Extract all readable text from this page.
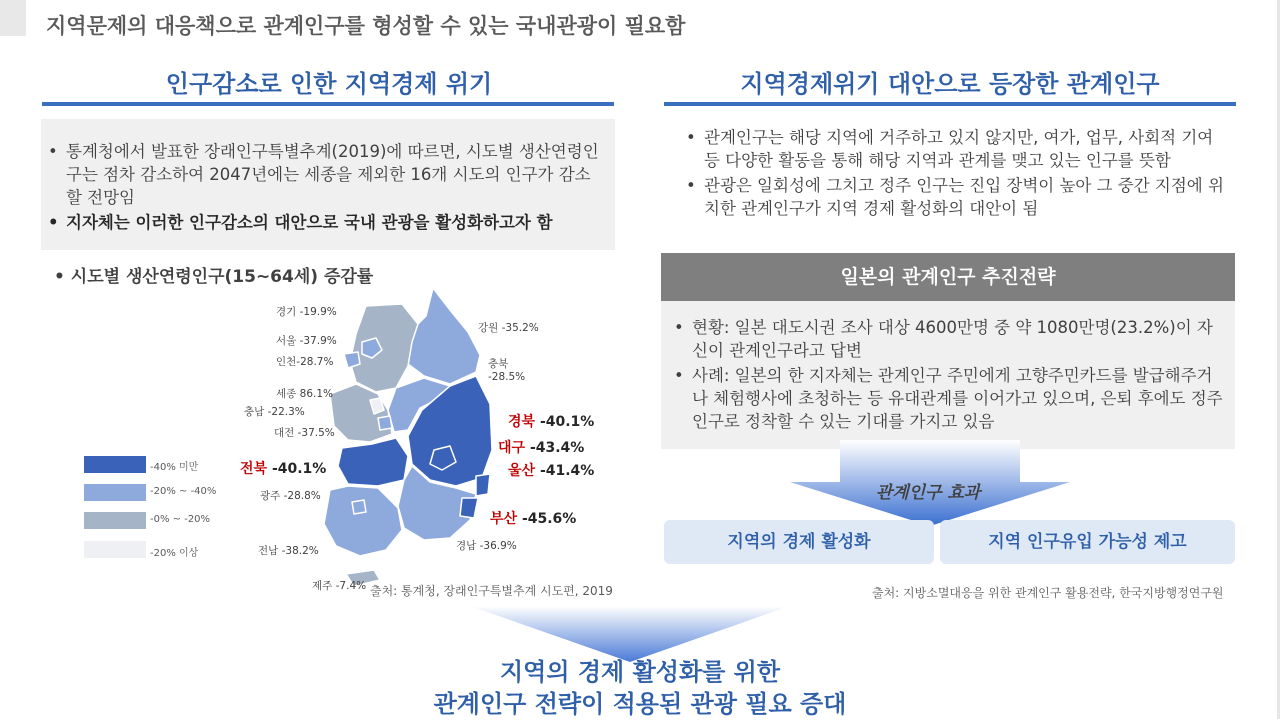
지역문제의 대응책으로 관계인구를 형성할 수 있는 국내관광이 필요함
인구감소로 인한 지역경제 위기
• 통계청에서 발표한 장래인구특별추계(2019)에 따르면, 시도별 생산연령인구는 점차 감소하여 2047년에는 세종을 제외한 16개 시도의 인구가 감소할 전망임
• 지자체는 이러한 인구감소의 대안으로 국내 관광을 활성화하고자 함
• 시도별 생산연령인구(15~64세) 증감률
경기 -19.9%
서울 -37.9%
인천-28.7%
세종 86.1%
충남 -22.3%
대전 -37.5%
전북 -40.1%
광주 -28.8%
전남 -38.2%
제주 -7.4%
강원 -35.2%
충북
-28.5%
경북 -40.1%
대구 -43.4%
울산 -41.4%
부산 -45.6%
경남 -36.9%
-40% 미만
-20% ~ -40%
-0% ~ -20%
-20% 이상
출처: 통계청, 장래인구특별추계 시도편, 2019
지역경제위기 대안으로 등장한 관계인구
• 관계인구는 해당 지역에 거주하고 있지 않지만, 여가, 업무, 사회적 기여 등 다양한 활동을 통해 해당 지역과 관계를 맺고 있는 인구를 뜻함
• 관광은 일회성에 그치고 정주 인구는 진입 장벽이 높아 그 중간 지점에 위치한 관계인구가 지역 경제 활성화의 대안이 됨
일본의 관계인구 추진전략
• 현황: 일본 대도시권 조사 대상 4600만명 중 약 1080만명(23.2%)이 자신이 관계인구라고 답변
• 사례: 일본의 한 지자체는 관계인구 주민에게 고향주민카드를 발급해주거나 체험행사에 초청하는 등 유대관계를 이어가고 있으며, 은퇴 후에도 정주인구로 정착할 수 있는 기대를 가지고 있음
관계인구 효과
지역의 경제 활성화	지역 인구유입 가능성 제고
출처: 지방소멸대응을 위한 관계인구 활용전략, 한국지방행정연구원
지역의 경제 활성화를 위한
관계인구 전략이 적용된 관광 필요 증대
